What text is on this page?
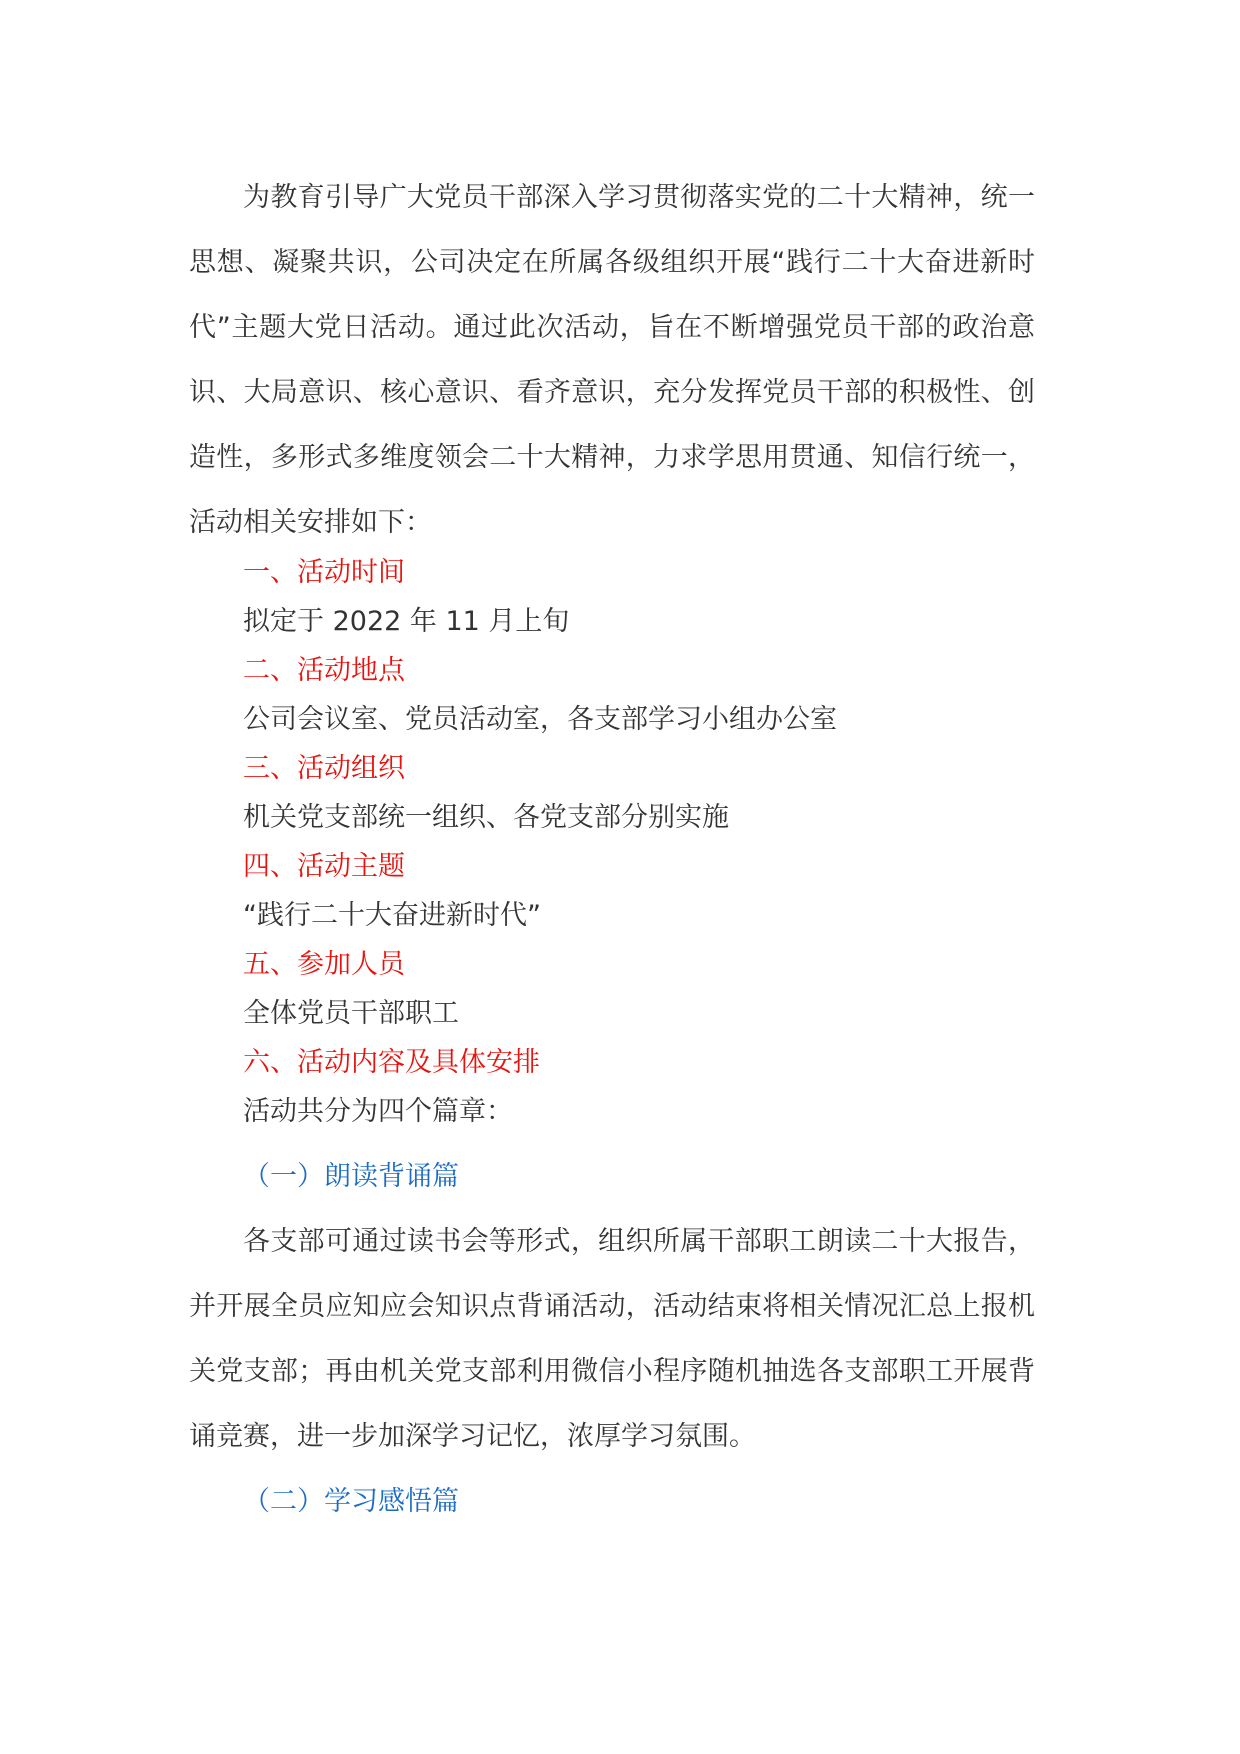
为教育引导广大党员干部深入学习贯彻落实党的二十大精神，统一思想、凝聚共识，公司决定在所属各级组织开展“践行二十大奋进新时代”主题大党日活动。通过此次活动，旨在不断增强党员干部的政治意识、大局意识、核心意识、看齐意识，充分发挥党员干部的积极性、创造性，多形式多维度领会二十大精神，力求学思用贯通、知信行统一，活动相关安排如下：

一、活动时间

拟定于 2022 年 11 月上旬

二、活动地点

公司会议室、党员活动室，各支部学习小组办公室

三、活动组织

机关党支部统一组织、各党支部分别实施

四、活动主题

“践行二十大奋进新时代”

五、参加人员

全体党员干部职工

六、活动内容及具体安排

活动共分为四个篇章：

（一）朗读背诵篇

各支部可通过读书会等形式，组织所属干部职工朗读二十大报告，并开展全员应知应会知识点背诵活动，活动结束将相关情况汇总上报机关党支部；再由机关党支部利用微信小程序随机抽选各支部职工开展背诵竞赛，进一步加深学习记忆，浓厚学习氛围。

（二）学习感悟篇
